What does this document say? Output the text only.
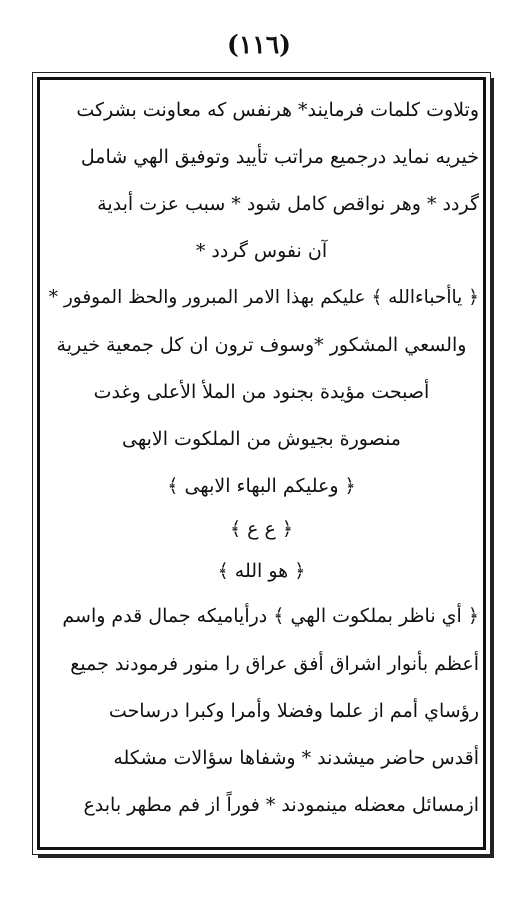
(١١٦)
وتلاوت كلمات فرمايند* هرنفس كه معاونت بشركت
خيريه نمايد درجميع مراتب تأييد وتوفيق الهي شامل
گردد * وهر نواقص كامل شود * سبب عزت أبدية
آن نفوس گردد *
﴿ ياأحباءالله ﴾ عليكم بهذا الامر المبرور والحظ الموفور *
والسعي المشكور *وسوف ترون ان كل جمعية خيرية
أصبحت مؤيدة بجنود من الملأ الأعلى وغدت
منصورة بجيوش من الملكوت الابهى
﴿ وعليكم البهاء الابهى ﴾
﴿ ع ع ﴾
﴿ هو الله ﴾
﴿ أي ناظر بملكوت الهي ﴾ درأياميكه جمال قدم واسم
أعظم بأنوار اشراق أفق عراق را منور فرمودند جميع
رؤساي أمم از علما وفضلا وأمرا وكبرا درساحت
أقدس حاضر ميشدند * وشفاها سؤالات مشكله
ازمسائل معضله مينمودند * فوراً از فم مطهر بابدع
